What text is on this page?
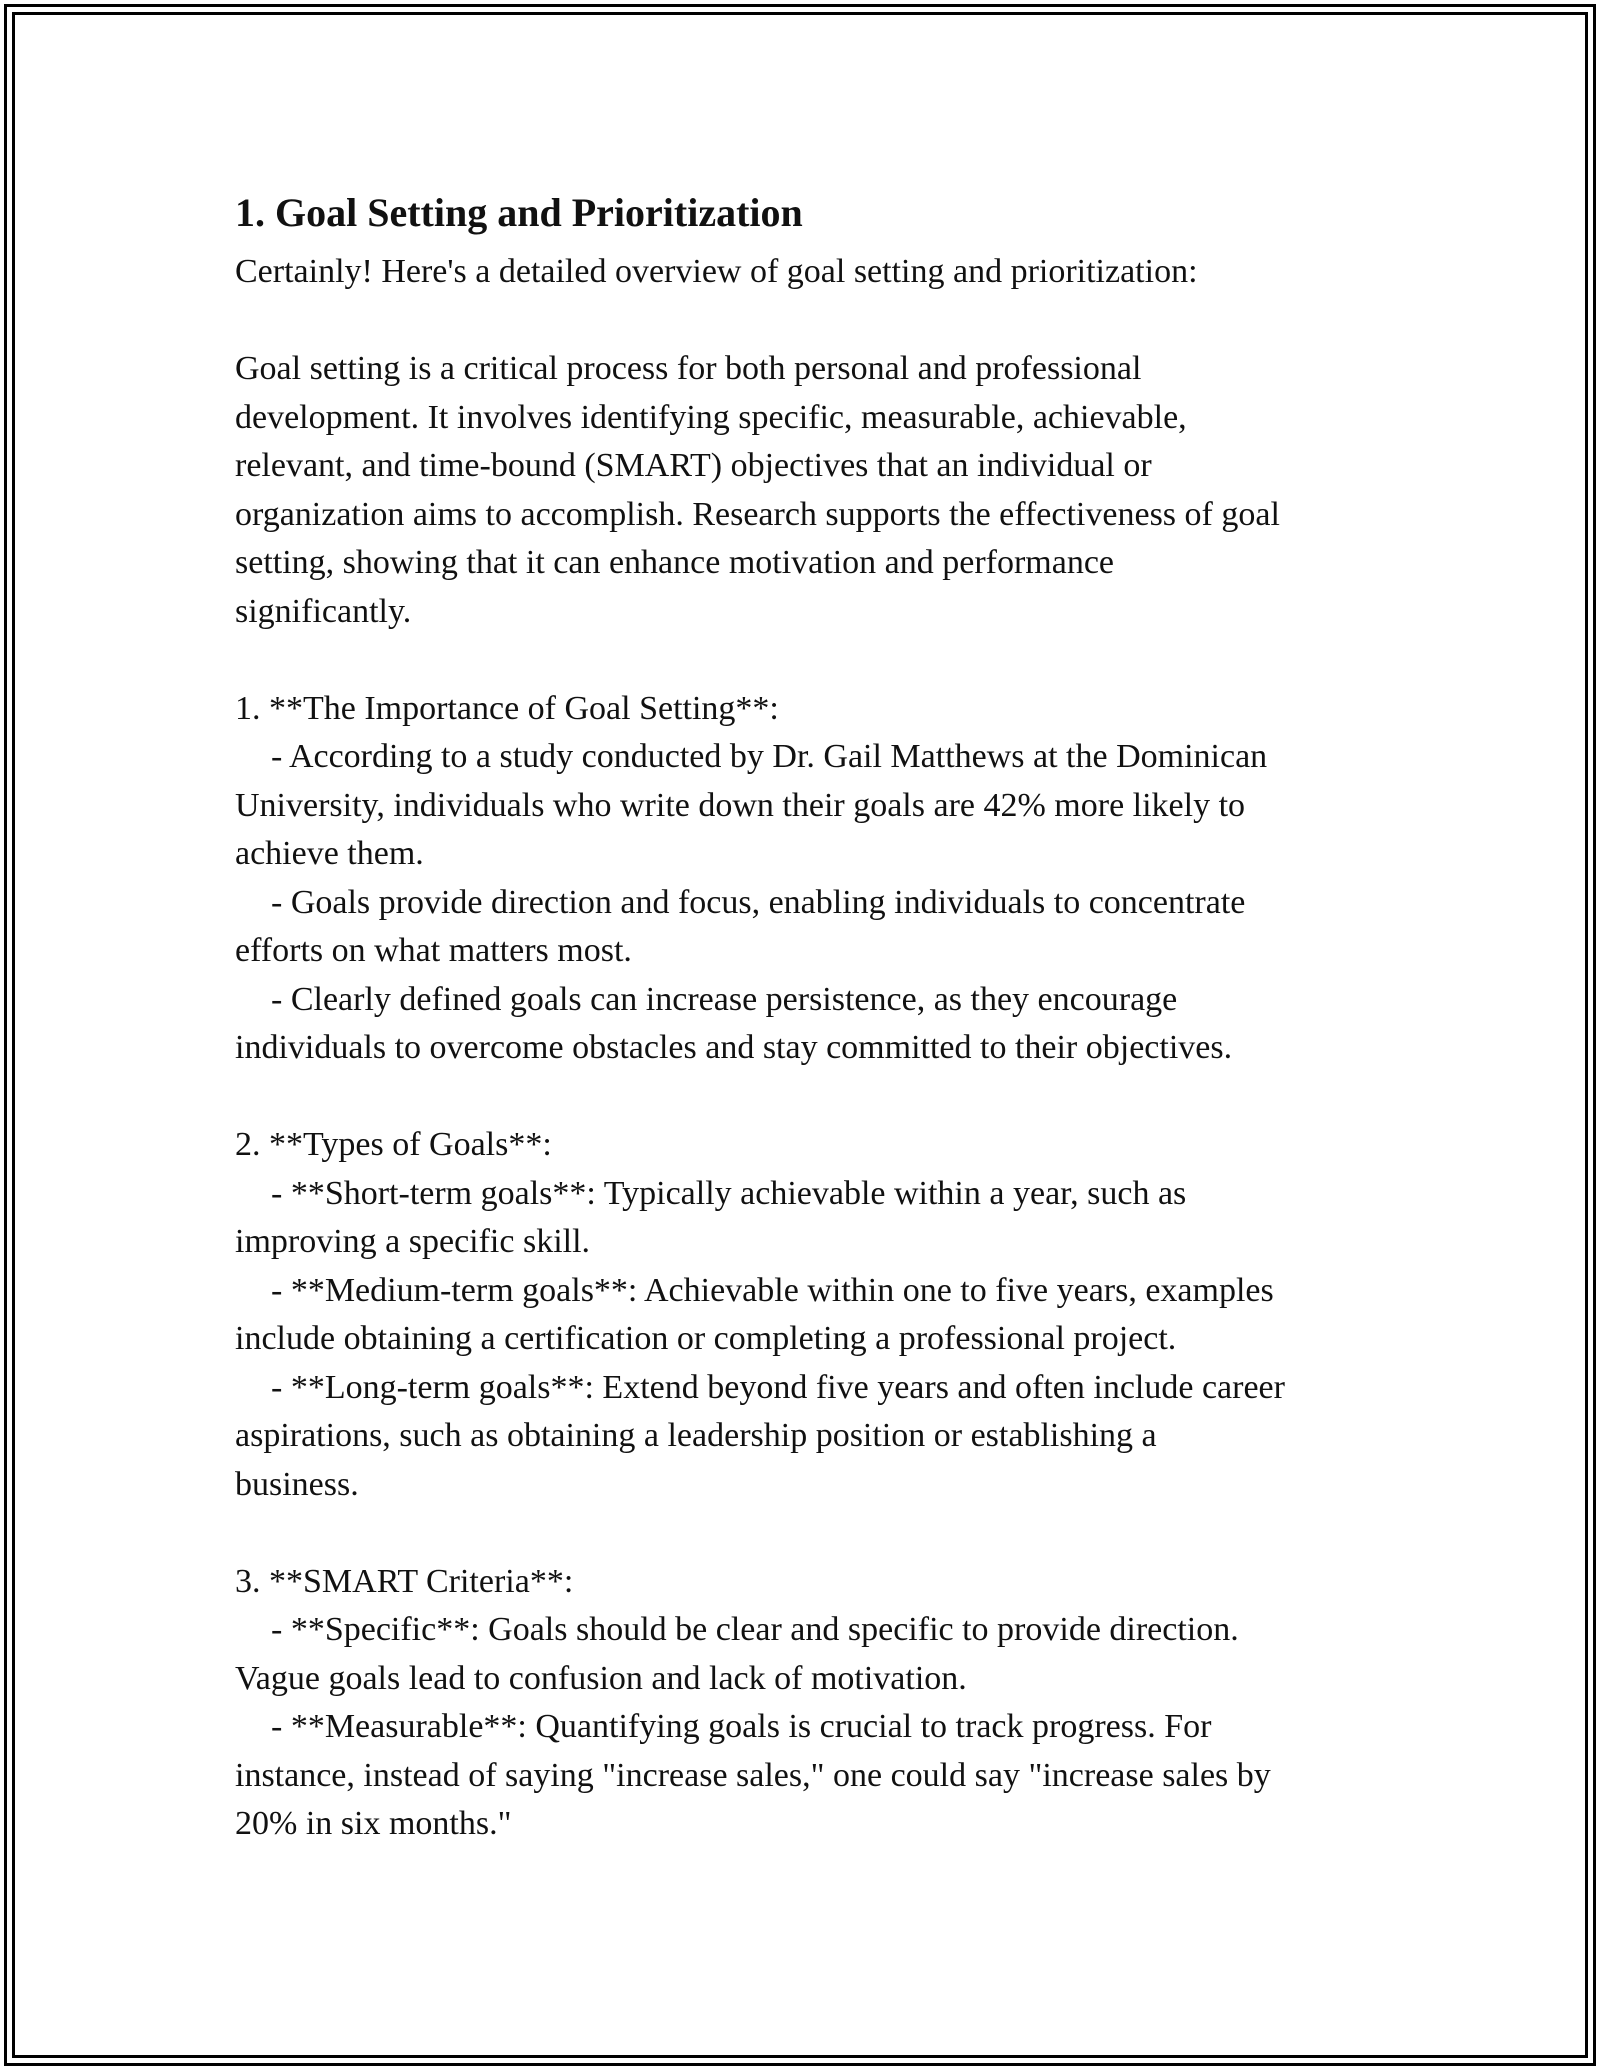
1. Goal Setting and Prioritization

Certainly! Here's a detailed overview of goal setting and prioritization:

Goal setting is a critical process for both personal and professional

development. It involves identifying specific, measurable, achievable,

relevant, and time-bound (SMART) objectives that an individual or

organization aims to accomplish. Research supports the effectiveness of goal

setting, showing that it can enhance motivation and performance

significantly.

1. **The Importance of Goal Setting**:

- According to a study conducted by Dr. Gail Matthews at the Dominican

University, individuals who write down their goals are 42% more likely to

achieve them.

- Goals provide direction and focus, enabling individuals to concentrate

efforts on what matters most.

- Clearly defined goals can increase persistence, as they encourage

individuals to overcome obstacles and stay committed to their objectives.

2. **Types of Goals**:

- **Short-term goals**: Typically achievable within a year, such as

improving a specific skill.

- **Medium-term goals**: Achievable within one to five years, examples

include obtaining a certification or completing a professional project.

- **Long-term goals**: Extend beyond five years and often include career

aspirations, such as obtaining a leadership position or establishing a

business.

3. **SMART Criteria**:

- **Specific**: Goals should be clear and specific to provide direction.

Vague goals lead to confusion and lack of motivation.

- **Measurable**: Quantifying goals is crucial to track progress. For

instance, instead of saying "increase sales," one could say "increase sales by

20% in six months."
